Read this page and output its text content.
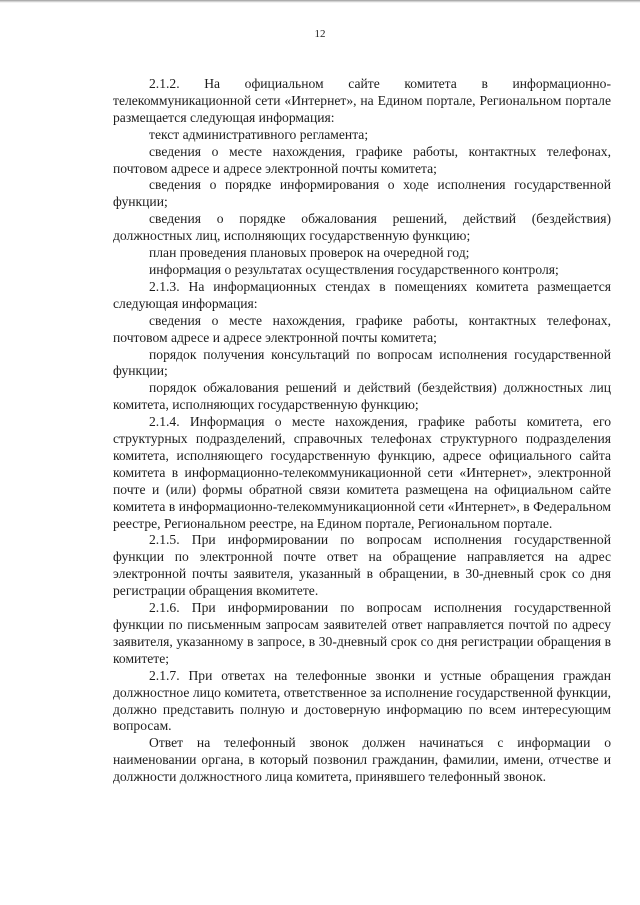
12

2.1.2. На официальном сайте комитета в информационно-телекоммуникационной сети «Интернет», на Едином портале, Региональном портале размещается следующая информация:

текст административного регламента;

сведения о месте нахождения, графике работы, контактных телефонах, почтовом адресе и адресе электронной почты комитета;

сведения о порядке информирования о ходе исполнения государственной функции;

сведения о порядке обжалования решений, действий (бездействия) должностных лиц, исполняющих государственную функцию;

план проведения плановых проверок на очередной год;

информация о результатах осуществления государственного контроля;

2.1.3. На информационных стендах в помещениях комитета размещается следующая информация:

сведения о месте нахождения, графике работы, контактных телефонах, почтовом адресе и адресе электронной почты комитета;

порядок получения консультаций по вопросам исполнения государственной функции;

порядок обжалования решений и действий (бездействия) должностных лиц комитета, исполняющих государственную функцию;

2.1.4. Информация о месте нахождения, графике работы комитета, его структурных подразделений, справочных телефонах структурного подразделения комитета, исполняющего государственную функцию, адресе официального сайта комитета в информационно-телекоммуникационной сети «Интернет», электронной почте и (или) формы обратной связи комитета размещена на официальном сайте комитета в информационно-телекоммуникационной сети «Интернет», в Федеральном реестре, Региональном реестре, на Едином портале, Региональном портале.

2.1.5. При информировании по вопросам исполнения государственной функции по электронной почте ответ на обращение направляется на адрес электронной почты заявителя, указанный в обращении, в 30-дневный срок со дня регистрации обращения вкомитете.

2.1.6. При информировании по вопросам исполнения государственной функции по письменным запросам заявителей ответ направляется почтой по адресу заявителя, указанному в запросе, в 30-дневный срок со дня регистрации обращения в комитете;

2.1.7. При ответах на телефонные звонки и устные обращения граждан должностное лицо комитета, ответственное за исполнение государственной функции, должно представить полную и достоверную информацию по всем интересующим вопросам.

Ответ на телефонный звонок должен начинаться с информации о наименовании органа, в который позвонил гражданин, фамилии, имени, отчестве и должности должностного лица комитета, принявшего телефонный звонок.
